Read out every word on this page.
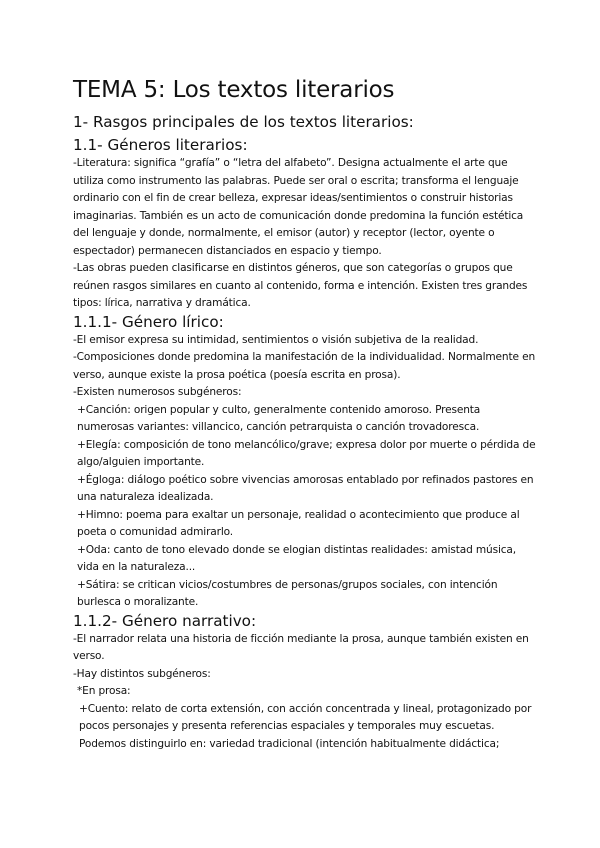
TEMA 5: Los textos literarios
1- Rasgos principales de los textos literarios:
1.1- Géneros literarios:

-Literatura: significa “grafía” o “letra del alfabeto”. Designa actualmente el arte que utiliza como instrumento las palabras. Puede ser oral o escrita; transforma el lenguaje ordinario con el fin de crear belleza, expresar ideas/sentimientos o construir historias imaginarias. También es un acto de comunicación donde predomina la función estética del lenguaje y donde, normalmente, el emisor (autor) y receptor (lector, oyente o espectador) permanecen distanciados en espacio y tiempo.

-Las obras pueden clasificarse en distintos géneros, que son categorías o grupos que reúnen rasgos similares en cuanto al contenido, forma e intención. Existen tres grandes tipos: lírica, narrativa y dramática.

1.1.1- Género lírico:

-El emisor expresa su intimidad, sentimientos o visión subjetiva de la realidad.

-Composiciones donde predomina la manifestación de la individualidad. Normalmente en verso, aunque existe la prosa poética (poesía escrita en prosa).

-Existen numerosos subgéneros:

+Canción: origen popular y culto, generalmente contenido amoroso. Presenta numerosas variantes: villancico, canción petrarquista o canción trovadoresca.

+Elegía: composición de tono melancólico/grave; expresa dolor por muerte o pérdida de algo/alguien importante.

+Égloga: diálogo poético sobre vivencias amorosas entablado por refinados pastores en una naturaleza idealizada.

+Himno: poema para exaltar un personaje, realidad o acontecimiento que produce al poeta o comunidad admirarlo.

+Oda: canto de tono elevado donde se elogian distintas realidades: amistad música, vida en la naturaleza...

+Sátira: se critican vicios/costumbres de personas/grupos sociales, con intención burlesca o moralizante.

1.1.2- Género narrativo:

-El narrador relata una historia de ficción mediante la prosa, aunque también existen en verso.

-Hay distintos subgéneros:

*En prosa:

+Cuento: relato de corta extensión, con acción concentrada y lineal, protagonizado por pocos personajes y presenta referencias espaciales y temporales muy escuetas. Podemos distinguirlo en: variedad tradicional (intención habitualmente didáctica;
